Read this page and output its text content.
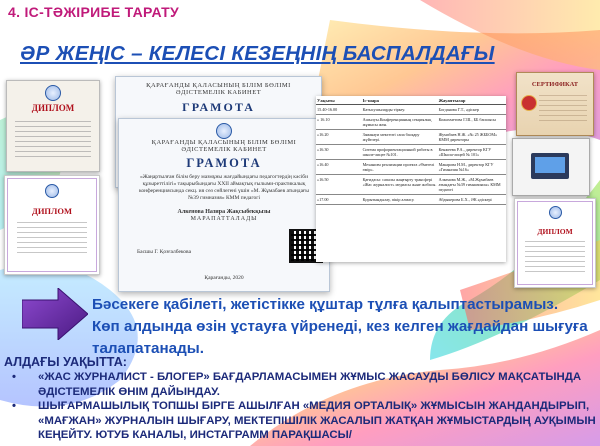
4. ІС-ТӘЖІРИБЕ ТАРАТУ
ӘР ЖЕҢІС – КЕЛЕСІ КЕЗЕҢНІҢ БАСПАЛДАҒЫ
ДИПЛОМ
ДИПЛОМ
ҚАРАҒАНДЫ ҚАЛАСЫНЫҢ БІЛІМ БӨЛІМІ
ӘДІСТЕМЕЛІК КАБИНЕТ
ГРАМОТА
ҚАРАҒАНДЫ ҚАЛАСЫНЫҢ БІЛІМ БӨЛІМІ
ӘДІСТЕМЕЛІК КАБИНЕТ
ГРАМОТА
«Жаңартылған білім беру мазмұны жағдайындағы педагогтердің кәсіби құзыреттілігі» тақырыбындағы XXII аймақтық ғылыми-практикалық конференциясында секц. ия сөз сөйлегені үшін «М. Жұмабаев атындағы №39 гимназия» КММ педагогі
Алкенова Назира Жақсыбекқызы
МАРАПАТТАЛАДЫ
Басшы Г. Қозғалбекова
Қарағанды, 2020
Уақыты	Іс-шара	Жауаптылар
15.40-16.00	Катысушыларды тіркеу.	Богданова Г.Т., әдіскер
» 16.10	Ашылуы.Конференцияның секциялық жұмысы жөн.	Кожахметова Г.Ш., ББ басшысы
»16.20	Заманауи мектепті сапа басқару жүйелері.	Жумабаев Н.Ж. «№ 25 ЖББОМ» КММ директоры
»16.30	Ситема профориентационной работы в школе-лицее №101.	Кенжеева Р.А., директор КГУ «Школа-лицей № 101»
»16.40	Механизм реализации проекта «Өнегелі өмір».	Макарова Н.М., директор КГУ «Гимназия №16»
»16.50	Қағидасы: сапалы жаңғырту трансфері «Жас журналист» медиасы және жобасы.	Алкенова М.Ж., «М.Жұмабаев атындағы №39 гимназиясы» КММ педагогі
»17.00	Қорытындылау, пікір алмасу.	Абдыкерова Б.Х., ӘК әдіскері
СЕРТИФИКАТ
ДИПЛОМ
Бәсекеге қабілеті, жетістікке құштар тұлға қалыптастырамыз.
Көп алдында өзін ұстауға үйренеді, кез келген жағдайдан шығуға талапатанады.
АЛДАҒЫ УАҚЫТТА:
• «ЖАС ЖУРНАЛИСТ - БЛОГЕР» БАҒДАРЛАМАСЫМЕН ЖҰМЫС ЖАСАУДЫ БӨЛІСУ МАҚСАТЫНДА ӘДІСТЕМЕЛІК ӨНІМ ДАЙЫНДАУ.
• ШЫҒАРМАШЫЛЫҚ ТОПШЫ БІРГЕ АШЫЛҒАН «МЕДИЯ ОРТАЛЫҚ» ЖҰМЫСЫН ЖАНДАНДЫРЫП, «МАҒЖАН» ЖУРНАЛЫН ШЫҒАРУ, МЕКТЕПІШІЛІК ЖАСАЛЫП ЖАТҚАН ЖҰМЫСТАРДЫҢ АУҚЫМЫН КЕҢЕЙТУ. ЮТУБ КАНАЛЫ, ИНСТАГРАММ ПАРАҚШАСЫ/
